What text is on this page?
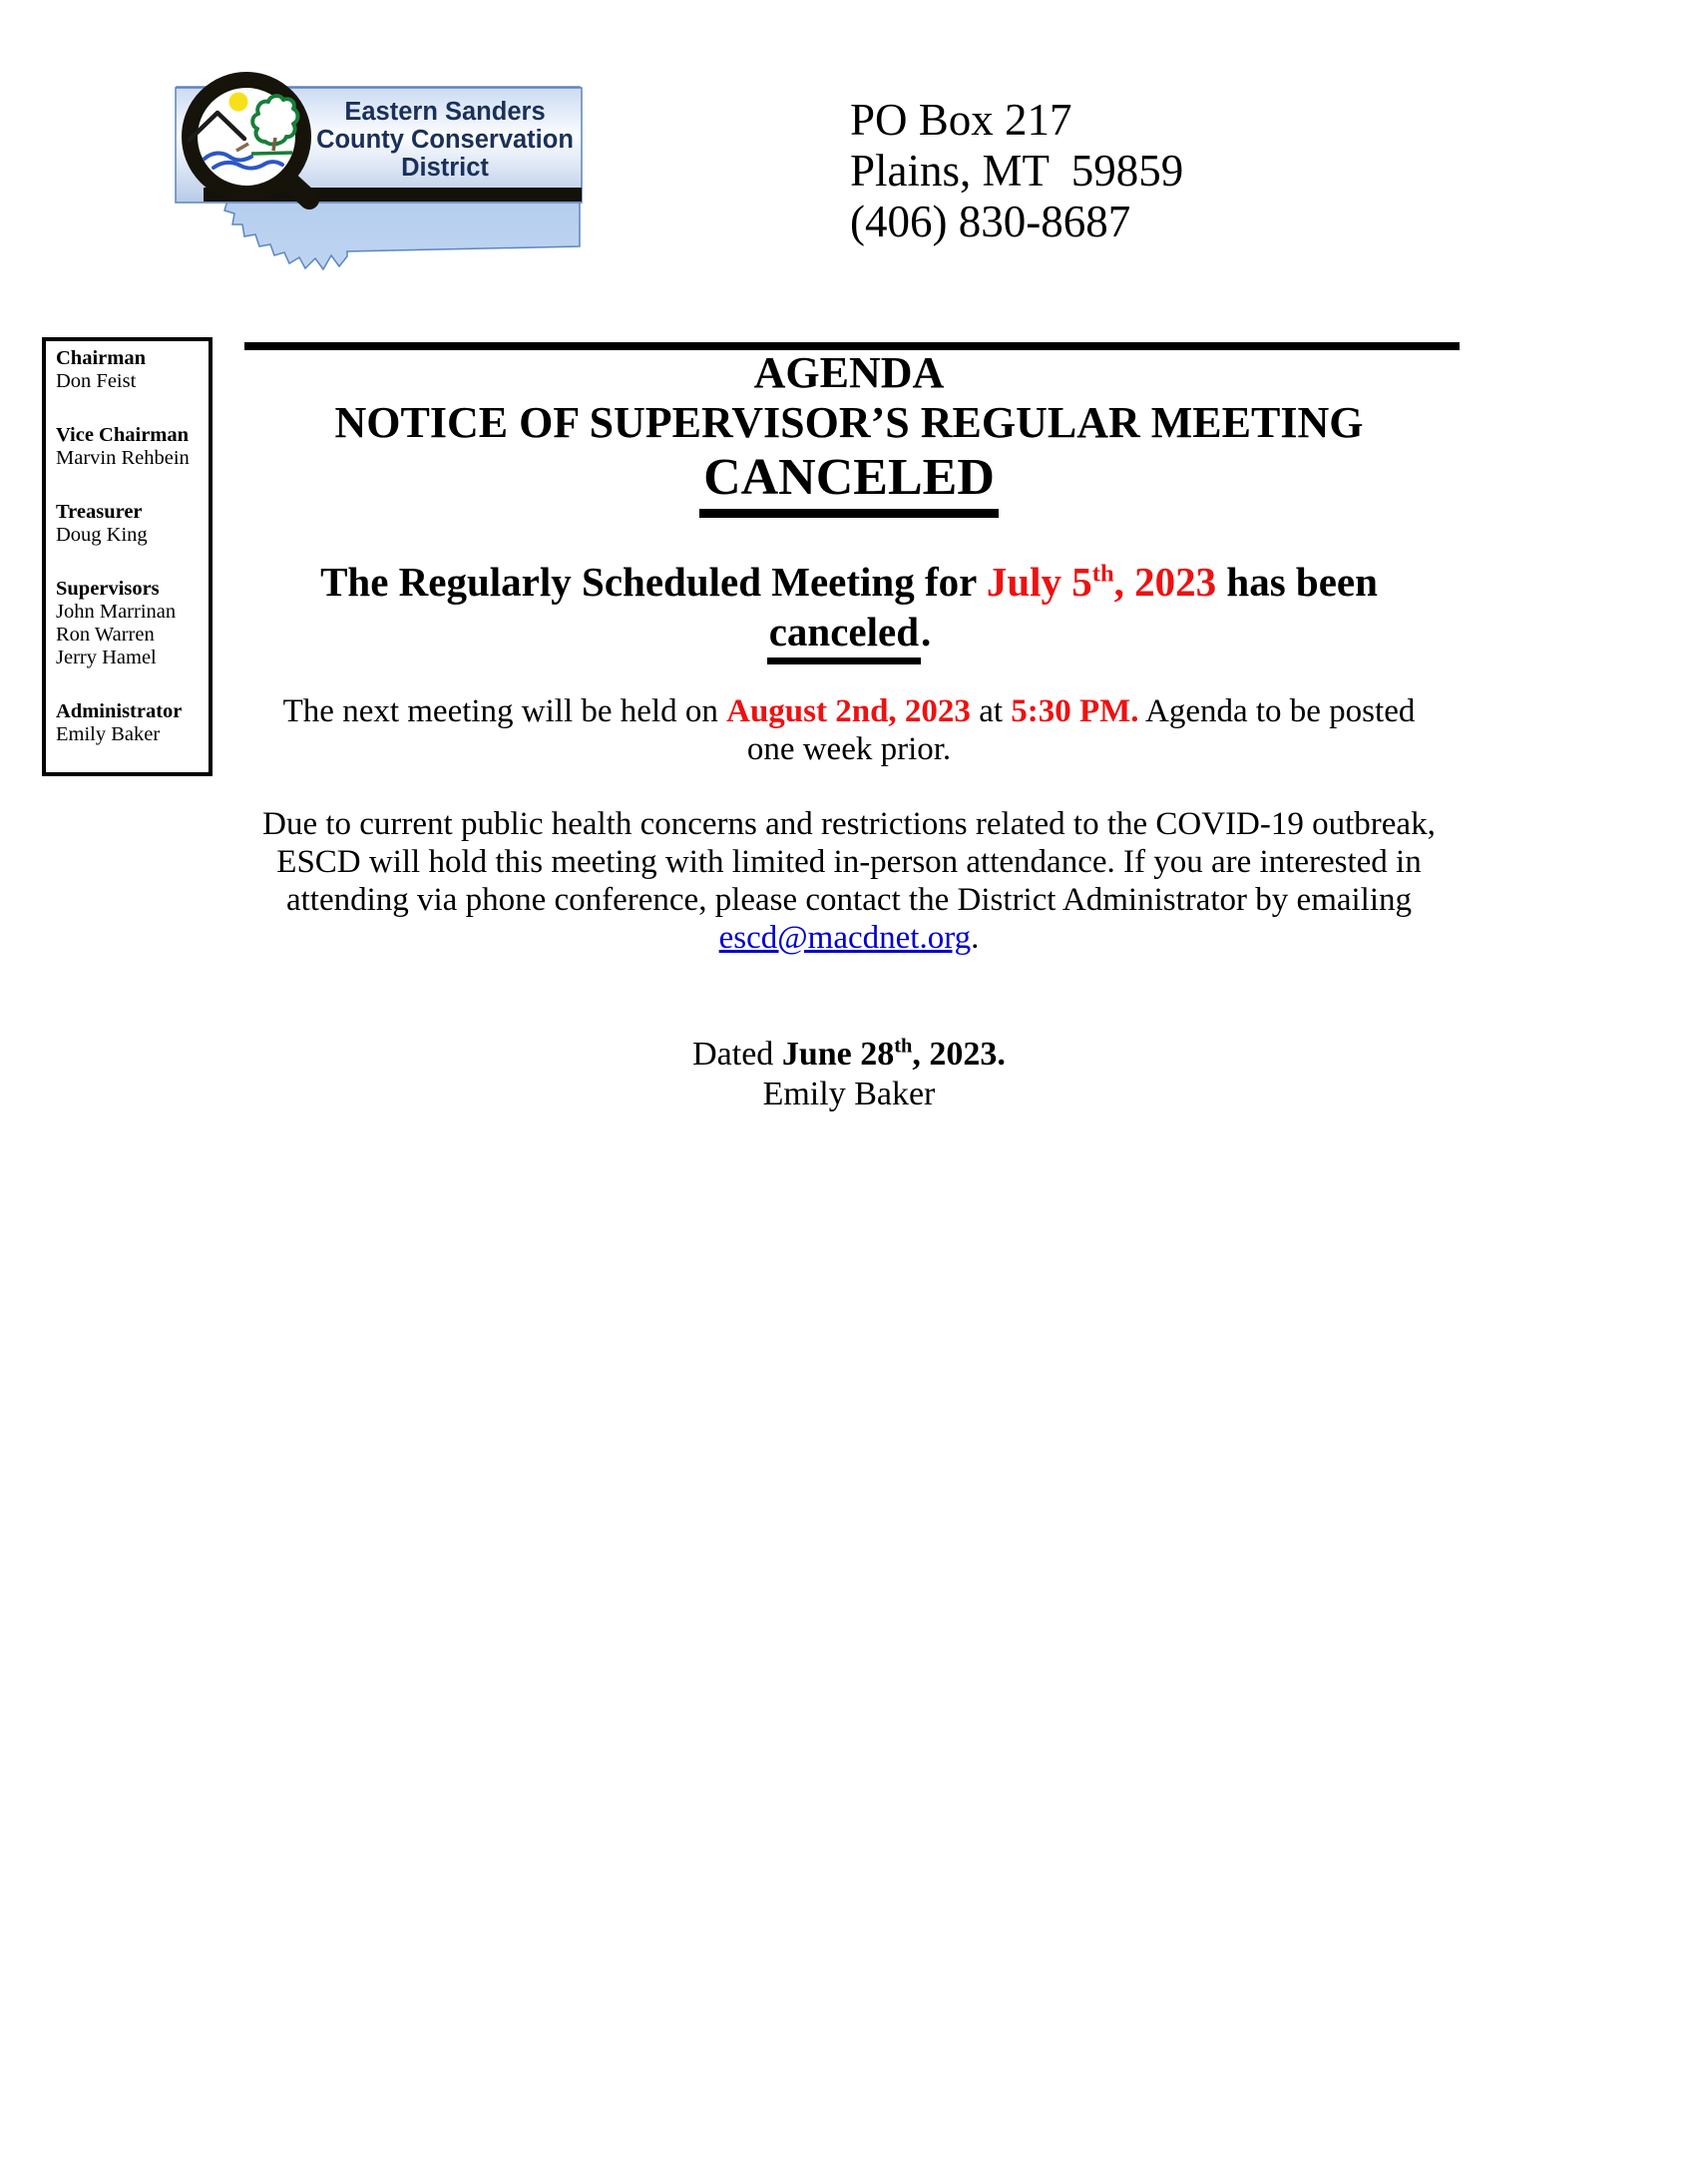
Eastern Sanders
County Conservation
District
PO Box 217
Plains, MT  59859
(406) 830-8687
Chairman
Don Feist
Vice Chairman
Marvin Rehbein
Treasurer
Doug King
Supervisors
John Marrinan
Ron Warren
Jerry Hamel
Administrator
Emily Baker
AGENDA
NOTICE OF SUPERVISOR’S REGULAR MEETING
CANCELED
The Regularly Scheduled Meeting for July 5th, 2023 has been
canceled.
The next meeting will be held on August 2nd, 2023 at 5:30 PM. Agenda to be posted
one week prior.
Due to current public health concerns and restrictions related to the COVID-19 outbreak,
ESCD will hold this meeting with limited in-person attendance. If you are interested in
attending via phone conference, please contact the District Administrator by emailing
escd@macdnet.org.
Dated June 28th, 2023.
Emily Baker
